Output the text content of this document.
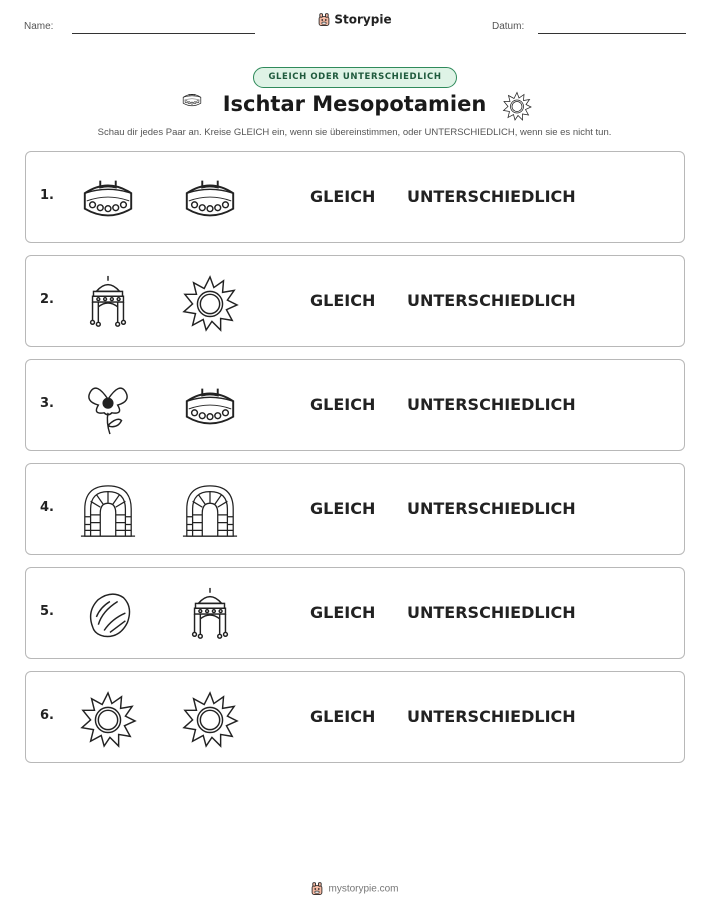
Name:	Storypie	Datum:
GLEICH ODER UNTERSCHIEDLICH
Ischtar Mesopotamien
Schau dir jedes Paar an. Kreise GLEICH ein, wenn sie übereinstimmen, oder UNTERSCHIEDLICH, wenn sie es nicht tun.
1.	GLEICH UNTERSCHIEDLICH
2.	GLEICH UNTERSCHIEDLICH
3.	GLEICH UNTERSCHIEDLICH
4.	GLEICH UNTERSCHIEDLICH
5.	GLEICH UNTERSCHIEDLICH
6.	GLEICH UNTERSCHIEDLICH
mystorypie.com
